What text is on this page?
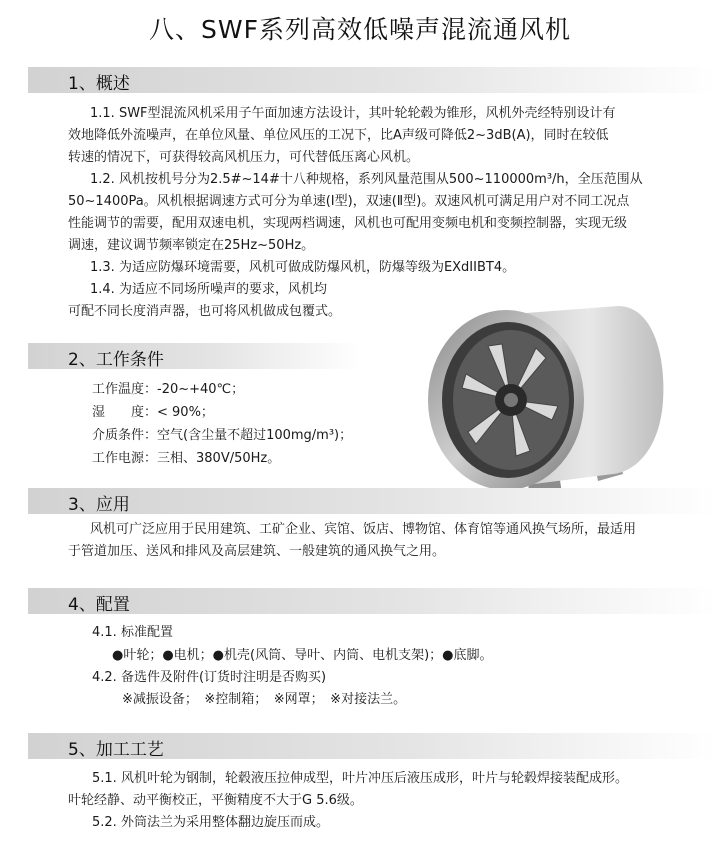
八、SWF系列高效低噪声混流通风机
1、概述
1.1. SWF型混流风机采用子午面加速方法设计，其叶轮轮毂为锥形，风机外壳经特别设计有
效地降低外流噪声，在单位风量、单位风压的工况下，比A声级可降低2~3dB(A)，同时在较低
转速的情况下，可获得较高风机压力，可代替低压离心风机。
1.2. 风机按机号分为2.5#~14#十八种规格，系列风量范围从500~110000m³/h，全压范围从
50~1400Pa。风机根据调速方式可分为单速(Ⅰ型)，双速(Ⅱ型)。双速风机可满足用户对不同工况点
性能调节的需要，配用双速电机，实现两档调速，风机也可配用变频电机和变频控制器，实现无级
调速，建议调节频率锁定在25Hz~50Hz。
1.3. 为适应防爆环境需要，风机可做成防爆风机，防爆等级为EXdIIBT4。
1.4. 为适应不同场所噪声的要求，风机均
可配不同长度消声器，也可将风机做成包覆式。
2、工作条件
工作温度：-20~+40℃；
湿　　度：< 90%；
介质条件：空气(含尘量不超过100mg/m³)；
工作电源：三相、380V/50Hz。
3、应用
风机可广泛应用于民用建筑、工矿企业、宾馆、饭店、博物馆、体育馆等通风换气场所，最适用
于管道加压、送风和排风及高层建筑、一般建筑的通风换气之用。
4、配置
4.1. 标准配置
●叶轮；●电机；●机壳(风筒、导叶、内筒、电机支架)；●底脚。
4.2. 备选件及附件(订货时注明是否购买)
※减振设备；　※控制箱；　※网罩；　※对接法兰。
5、加工工艺
5.1. 风机叶轮为钢制，轮毂液压拉伸成型，叶片冲压后液压成形，叶片与轮毂焊接装配成形。
叶轮经静、动平衡校正，平衡精度不大于G 5.6级。
5.2. 外筒法兰为采用整体翻边旋压而成。
